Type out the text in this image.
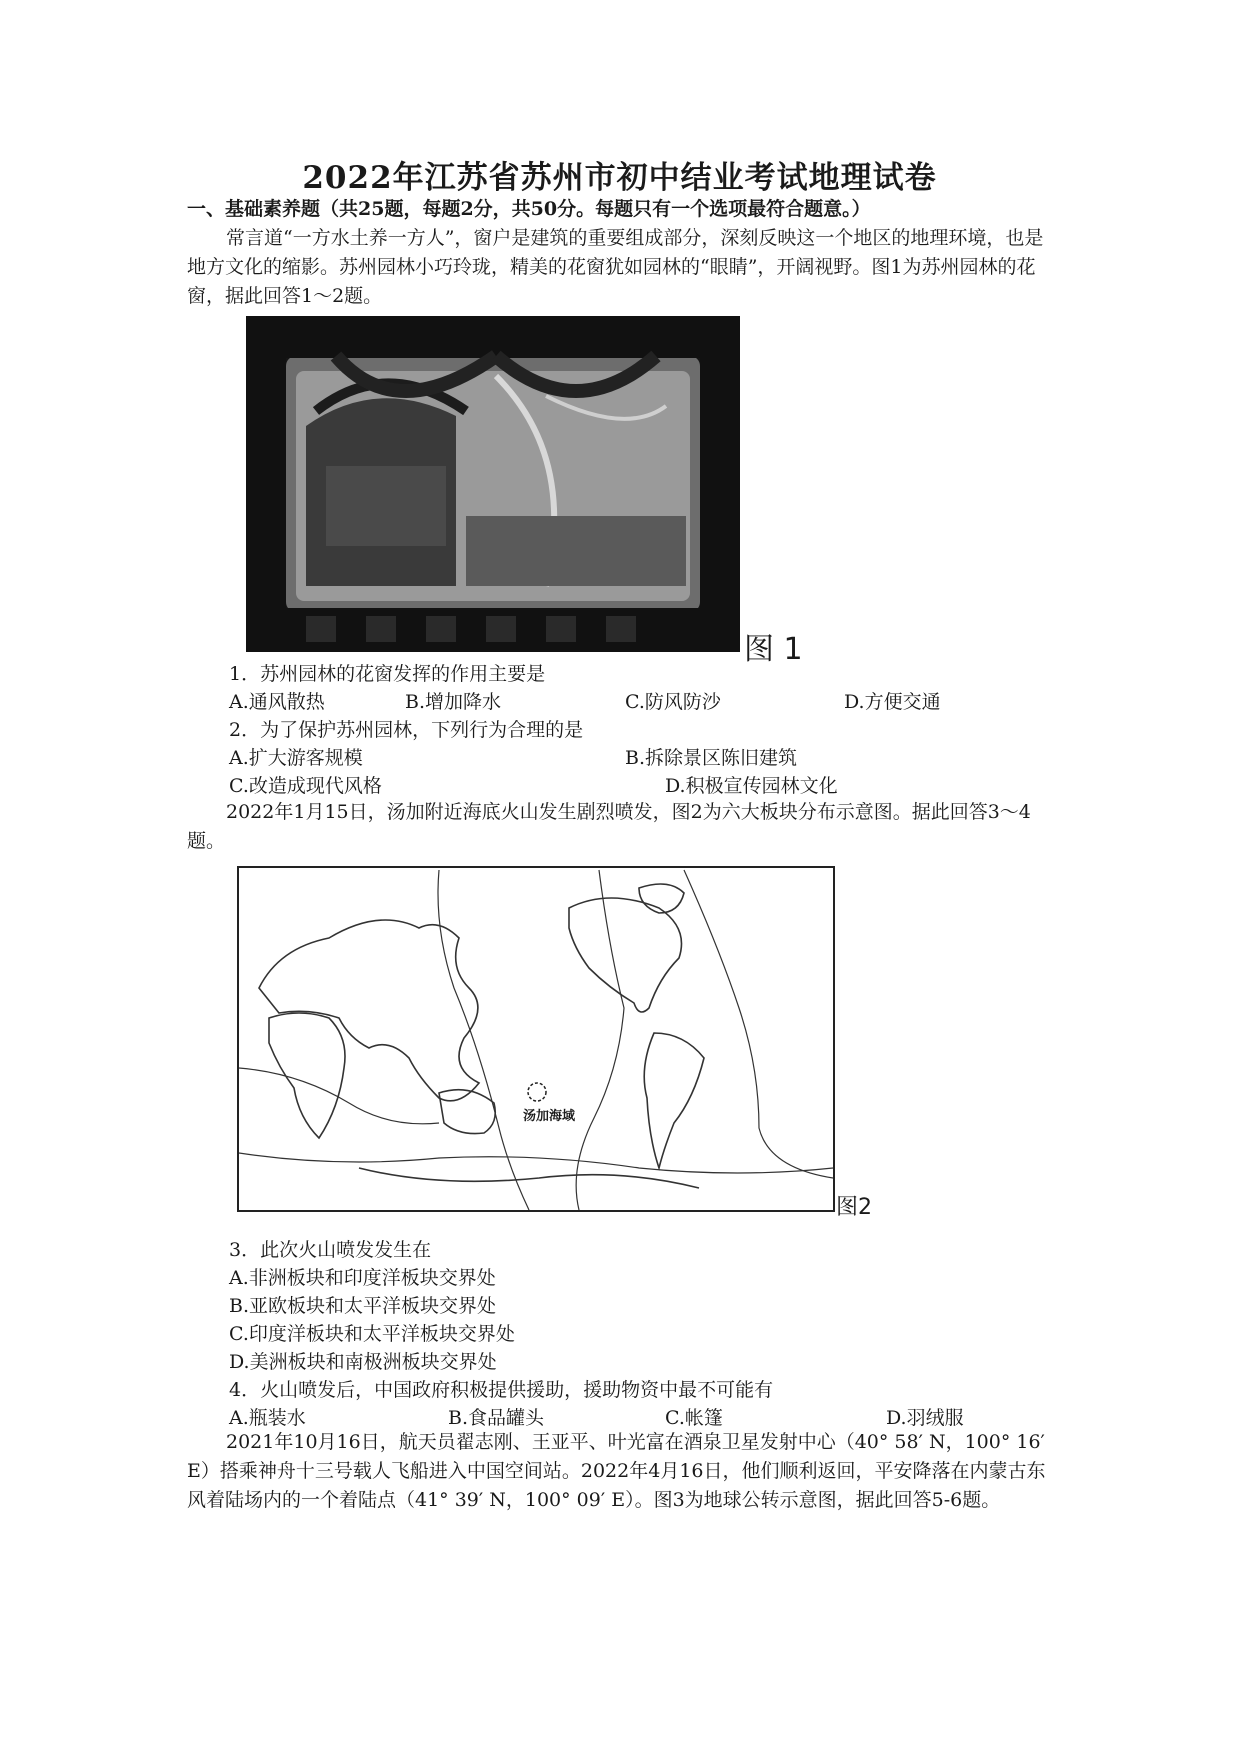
2022年江苏省苏州市初中结业考试地理试卷
一、基础素养题（共25题，每题2分，共50分。每题只有一个选项最符合题意。）
常言道“一方水土养一方人”，窗户是建筑的重要组成部分，深刻反映这一个地区的地理环境，也是地方文化的缩影。苏州园林小巧玲珑，精美的花窗犹如园林的“眼睛”，开阔视野。图1为苏州园林的花窗，据此回答1～2题。
图 1
1．苏州园林的花窗发挥的作用主要是
A.通风散热	B.增加降水	C.防风防沙	D.方便交通
2．为了保护苏州园林，下列行为合理的是
A.扩大游客规模	B.拆除景区陈旧建筑
C.改造成现代风格	D.积极宣传园林文化
2022年1月15日，汤加附近海底火山发生剧烈喷发，图2为六大板块分布示意图。据此回答3～4题。
汤加海域
图2
3．此次火山喷发发生在
A.非洲板块和印度洋板块交界处
B.亚欧板块和太平洋板块交界处
C.印度洋板块和太平洋板块交界处
D.美洲板块和南极洲板块交界处
4．火山喷发后，中国政府积极提供援助，援助物资中最不可能有
A.瓶装水	B.食品罐头	C.帐篷	D.羽绒服
2021年10月16日，航天员翟志刚、王亚平、叶光富在酒泉卫星发射中心（40° 58′ N，100° 16′ E）搭乘神舟十三号载人飞船进入中国空间站。2022年4月16日，他们顺利返回，平安降落在内蒙古东风着陆场内的一个着陆点（41° 39′ N，100° 09′ E）。图3为地球公转示意图，据此回答5-6题。
